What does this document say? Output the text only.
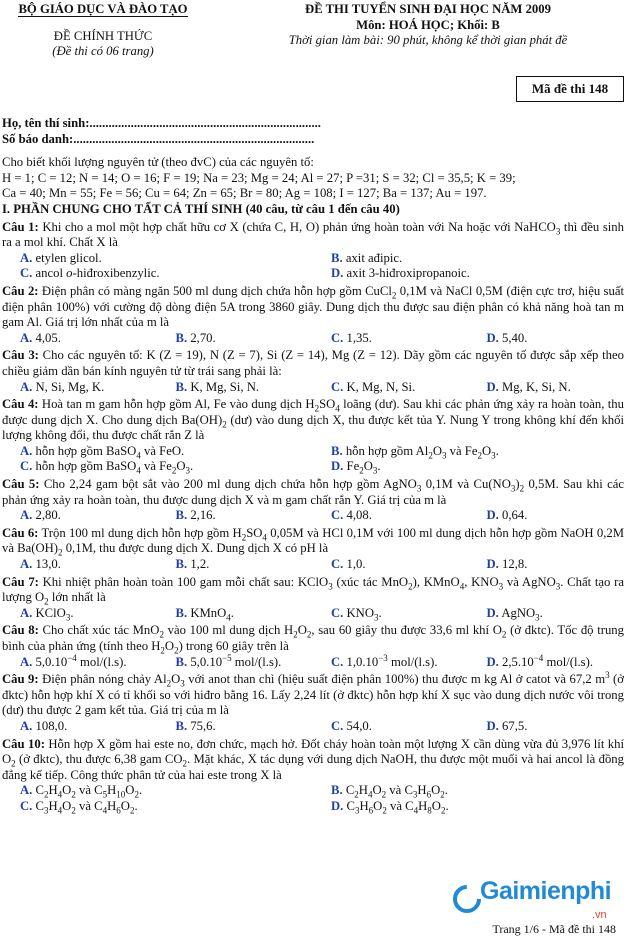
BỘ GIÁO DỤC VÀ ĐÀO TẠO
ĐỀ CHÍNH THỨC
(Đề thi có 06 trang)
ĐỀ THI TUYỂN SINH ĐẠI HỌC NĂM 2009
Môn: HOÁ HỌC; Khối: B
Thời gian làm bài: 90 phút, không kể thời gian phát đề
Mã đề thi 148
Họ, tên thí sinh:.........................................................................
Số báo danh:............................................................................
Cho biết khối lượng nguyên tử (theo đvC) của các nguyên tố:
H = 1; C = 12; N = 14; O = 16; F = 19; Na = 23; Mg = 24; Al = 27; P =31; S = 32; Cl = 35,5; K = 39;
Ca = 40; Mn = 55; Fe = 56; Cu = 64; Zn = 65; Br = 80; Ag = 108; I = 127; Ba = 137; Au = 197.
I. PHẦN CHUNG CHO TẤT CẢ THÍ SINH (40 câu, từ câu 1 đến câu 40)
Câu 1: Khi cho a mol một hợp chất hữu cơ X (chứa C, H, O) phản ứng hoàn toàn với Na hoặc với NaHCO$_3$ thì đều sinh ra a mol khí. Chất X là
A. etylen glicol.	B. axit ađipic.
C. ancol o-hiđroxibenzylic.	D. axit 3-hiđroxipropanoic.
Câu 2: Điện phân có màng ngăn 500 ml dung dịch chứa hỗn hợp gồm CuCl$_2$ 0,1M và NaCl 0,5M (điện cực trơ, hiệu suất điện phân 100%) với cường độ dòng điện 5A trong 3860 giây. Dung dịch thu được sau điện phân có khả năng hoà tan m gam Al. Giá trị lớn nhất của m là
A. 4,05.	B. 2,70.	C. 1,35.	D. 5,40.
Câu 3: Cho các nguyên tố: K (Z = 19), N (Z = 7), Si (Z = 14), Mg (Z = 12). Dãy gồm các nguyên tố được sắp xếp theo chiều giảm dần bán kính nguyên tử từ trái sang phải là:
A. N, Si, Mg, K.	B. K, Mg, Si, N.	C. K, Mg, N, Si.	D. Mg, K, Si, N.
Câu 4: Hoà tan m gam hỗn hợp gồm Al, Fe vào dung dịch $H_2SO_4$ loãng (dư). Sau khi các phản ứng xảy ra hoàn toàn, thu được dung dịch X. Cho dung dịch $Ba(OH)_2$ (dư) vào dung dịch X, thu được kết tủa Y. Nung Y trong không khí đến khối lượng không đổi, thu được chất rắn Z là
A. hỗn hợp gồm BaSO$_4$ và FeO.	B. hỗn hợp gồm $Al_2O_3$ và $Fe_2O_3$.
C. hỗn hợp gồm BaSO$_4$ và $Fe_2O_3$.	D. $Fe_2O_3$.
Câu 5: Cho 2,24 gam bột sắt vào 200 ml dung dịch chứa hỗn hợp gồm AgNO$_3$ 0,1M và $Cu(NO_3)_2$ 0,5M. Sau khi các phản ứng xảy ra hoàn toàn, thu được dung dịch X và m gam chất rắn Y. Giá trị của m là
A. 2,80.	B. 2,16.	C. 4,08.	D. 0,64.
Câu 6: Trộn 100 ml dung dịch hỗn hợp gồm $H_2SO_4$ 0,05M và HCl 0,1M với 100 ml dung dịch hỗn hợp gồm NaOH 0,2M và $Ba(OH)_2$ 0,1M, thu được dung dịch X. Dung dịch X có pH là
A. 13,0.	B. 1,2.	C. 1,0.	D. 12,8.
Câu 7: Khi nhiệt phân hoàn toàn 100 gam mỗi chất sau: KClO$_3$ (xúc tác MnO$_2$), KMnO$_4$, $KNO_3$ và AgNO$_3$. Chất tạo ra lượng $O_2$ lớn nhất là
A. KClO$_3$.	B. KMnO$_4$.	C. $KNO_3$.	D. AgNO$_3$.
Câu 8: Cho chất xúc tác MnO$_2$ vào 100 ml dung dịch $H_2O_2$, sau 60 giây thu được 33,6 ml khí $O_2$ (ở đktc). Tốc độ trung bình của phản ứng (tính theo $H_2O_2$) trong 60 giây trên là
A. $5,0.10^{-4}$ mol/(l.s).	B. $5,0.10^{-5}$ mol/(l.s).	C. $1,0.10^{-3}$ mol/(l.s).	D. $2,5.10^{-4}$ mol/(l.s).
Câu 9: Điện phân nóng chảy $Al_2O_3$ với anot than chì (hiệu suất điện phân 100%) thu được m kg Al ở catot và 67,2 $m^3$ (ở đktc) hỗn hợp khí X có tỉ khối so với hiđro bằng 16. Lấy 2,24 lít (ở đktc) hỗn hợp khí X sục vào dung dịch nước vôi trong (dư) thu được 2 gam kết tủa. Giá trị của m là
A. 108,0.	B. 75,6.	C. 54,0.	D. 67,5.
Câu 10: Hỗn hợp X gồm hai este no, đơn chức, mạch hở. Đốt cháy hoàn toàn một lượng X cần dùng vừa đủ 3,976 lít khí $O_2$ (ở đktc), thu được 6,38 gam $CO_2$. Mặt khác, X tác dụng với dung dịch NaOH, thu được một muối và hai ancol là đồng đẳng kế tiếp. Công thức phân tử của hai este trong X là
A. $C_2H_4O_2$ và $C_5H_{10}O_2$.	B. $C_2H_4O_2$ và $C_3H_6O_2$.
C. $C_3H_4O_2$ và $C_4H_6O_2$.	D. $C_3H_6O_2$ và $C_4H_8O_2$.
Gaimienphi
.vn
Trang 1/6 - Mã đề thi 148
